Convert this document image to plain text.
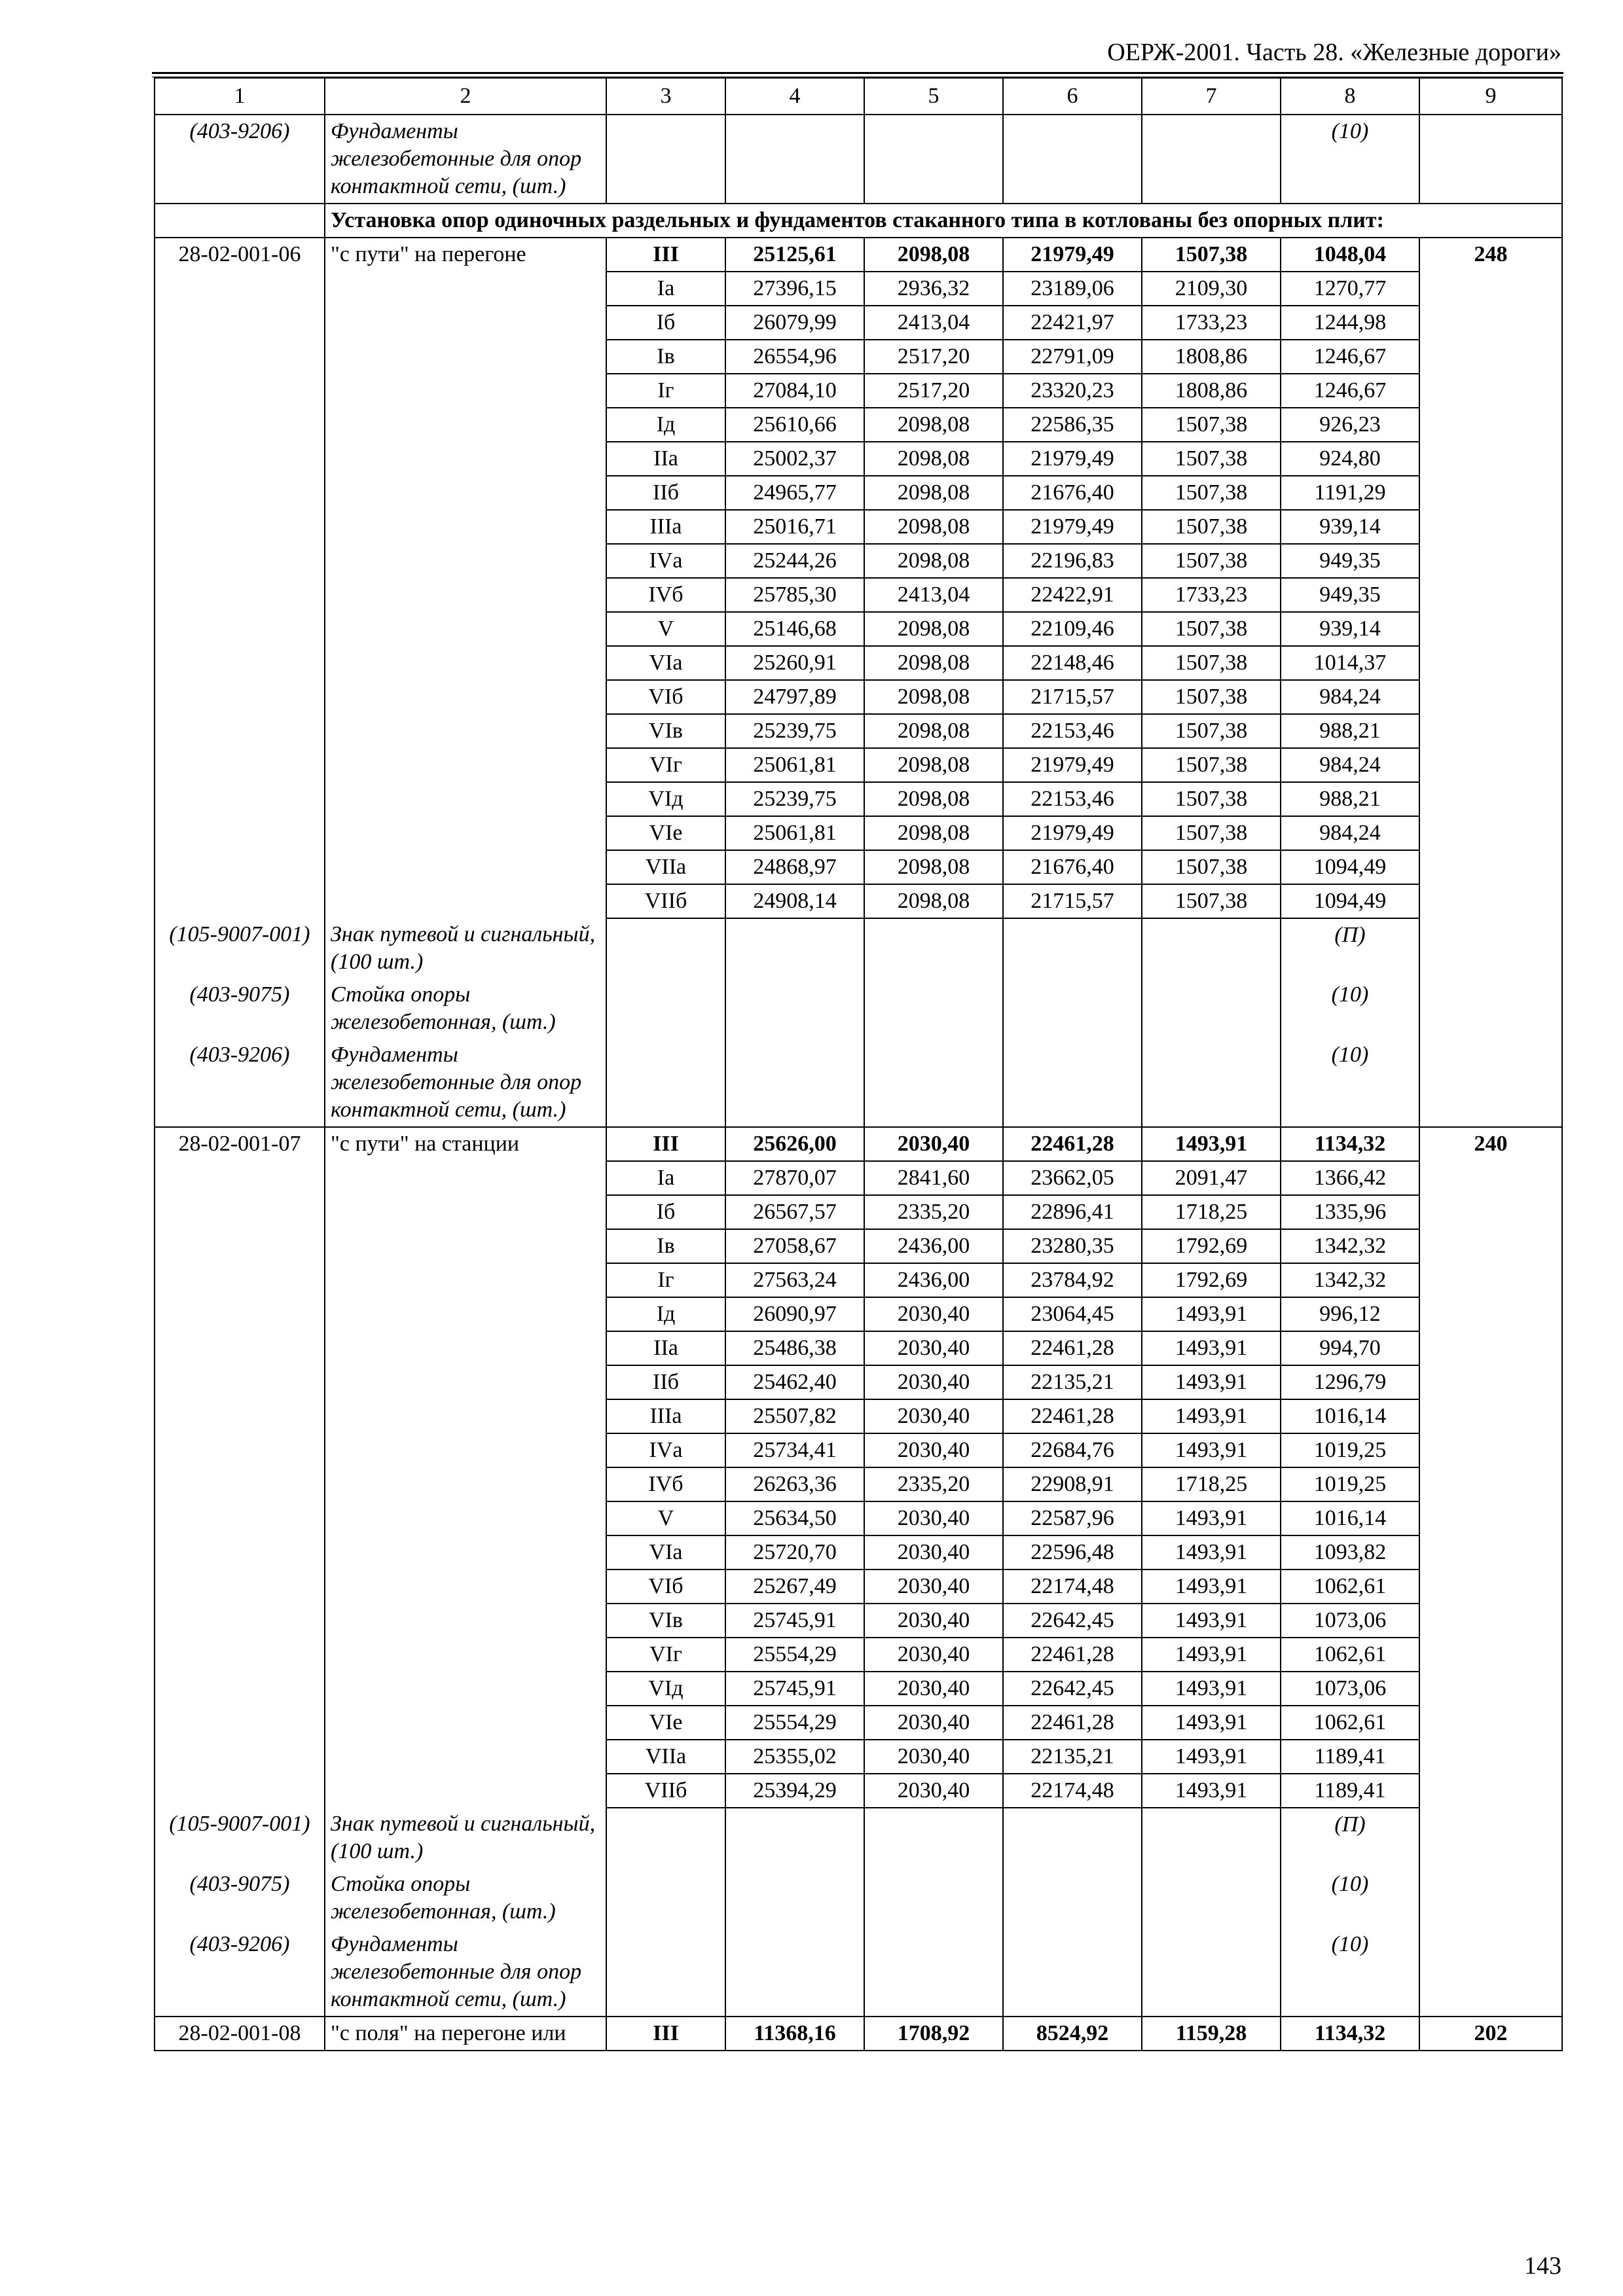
ОЕРЖ-2001. Часть 28. «Железные дороги»
1	2	3	4	5	6	7	8	9
(403-9206)	Фундаменты железобетонные для опор контактной сети, (шт.)						(10)	
	Установка опор одиночных раздельных и фундаментов стаканного типа в котлованы без опорных плит:							
28-02-001-06	"с пути" на перегоне	III	25125,61	2098,08	21979,49	1507,38	1048,04	248
		Iа	27396,15	2936,32	23189,06	2109,30	1270,77	
		Iб	26079,99	2413,04	22421,97	1733,23	1244,98	
		Iв	26554,96	2517,20	22791,09	1808,86	1246,67	
		Iг	27084,10	2517,20	23320,23	1808,86	1246,67	
		Iд	25610,66	2098,08	22586,35	1507,38	926,23	
		IIа	25002,37	2098,08	21979,49	1507,38	924,80	
		IIб	24965,77	2098,08	21676,40	1507,38	1191,29	
		IIIа	25016,71	2098,08	21979,49	1507,38	939,14	
		IVа	25244,26	2098,08	22196,83	1507,38	949,35	
		IVб	25785,30	2413,04	22422,91	1733,23	949,35	
		V	25146,68	2098,08	22109,46	1507,38	939,14	
		VIа	25260,91	2098,08	22148,46	1507,38	1014,37	
		VIб	24797,89	2098,08	21715,57	1507,38	984,24	
		VIв	25239,75	2098,08	22153,46	1507,38	988,21	
		VIг	25061,81	2098,08	21979,49	1507,38	984,24	
		VIд	25239,75	2098,08	22153,46	1507,38	988,21	
		VIе	25061,81	2098,08	21979,49	1507,38	984,24	
		VIIа	24868,97	2098,08	21676,40	1507,38	1094,49	
		VIIб	24908,14	2098,08	21715,57	1507,38	1094,49	
(105-9007-001)	Знак путевой и сигнальный, (100 шт.)						(П)	
(403-9075)	Стойка опоры железобетонная, (шт.)						(10)	
(403-9206)	Фундаменты железобетонные для опор контактной сети, (шт.)						(10)	
28-02-001-07	"с пути" на станции	III	25626,00	2030,40	22461,28	1493,91	1134,32	240
		Iа	27870,07	2841,60	23662,05	2091,47	1366,42	
		Iб	26567,57	2335,20	22896,41	1718,25	1335,96	
		Iв	27058,67	2436,00	23280,35	1792,69	1342,32	
		Iг	27563,24	2436,00	23784,92	1792,69	1342,32	
		Iд	26090,97	2030,40	23064,45	1493,91	996,12	
		IIа	25486,38	2030,40	22461,28	1493,91	994,70	
		IIб	25462,40	2030,40	22135,21	1493,91	1296,79	
		IIIа	25507,82	2030,40	22461,28	1493,91	1016,14	
		IVа	25734,41	2030,40	22684,76	1493,91	1019,25	
		IVб	26263,36	2335,20	22908,91	1718,25	1019,25	
		V	25634,50	2030,40	22587,96	1493,91	1016,14	
		VIа	25720,70	2030,40	22596,48	1493,91	1093,82	
		VIб	25267,49	2030,40	22174,48	1493,91	1062,61	
		VIв	25745,91	2030,40	22642,45	1493,91	1073,06	
		VIг	25554,29	2030,40	22461,28	1493,91	1062,61	
		VIд	25745,91	2030,40	22642,45	1493,91	1073,06	
		VIе	25554,29	2030,40	22461,28	1493,91	1062,61	
		VIIа	25355,02	2030,40	22135,21	1493,91	1189,41	
		VIIб	25394,29	2030,40	22174,48	1493,91	1189,41	
(105-9007-001)	Знак путевой и сигнальный, (100 шт.)						(П)	
(403-9075)	Стойка опоры железобетонная, (шт.)						(10)	
(403-9206)	Фундаменты железобетонные для опор контактной сети, (шт.)						(10)	
28-02-001-08	"с поля" на перегоне или	III	11368,16	1708,92	8524,92	1159,28	1134,32	202
143
